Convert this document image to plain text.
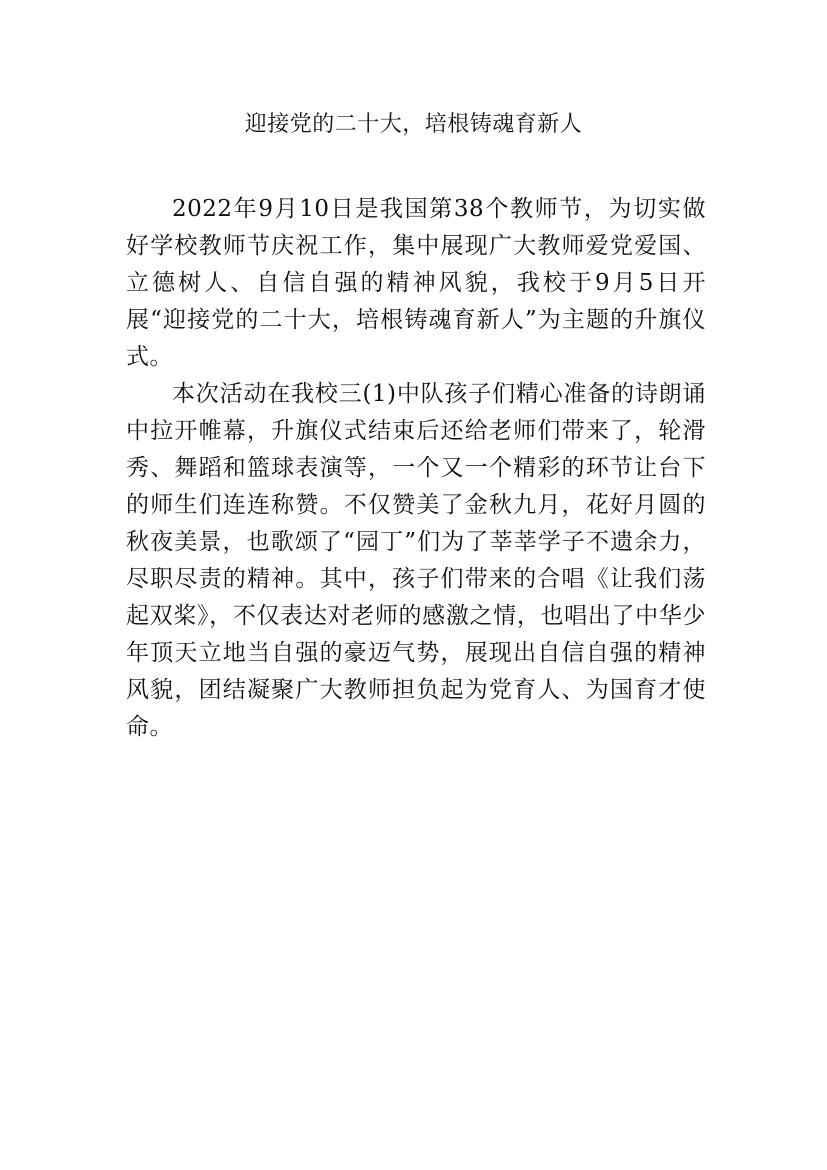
迎接党的二十大，培根铸魂育新人

2022年9月10日是我国第38个教师节，为切实做好学校教师节庆祝工作，集中展现广大教师爱党爱国、立德树人、自信自强的精神风貌，我校于9月5日开展“迎接党的二十大，培根铸魂育新人”为主题的升旗仪式。

本次活动在我校三(1)中队孩子们精心准备的诗朗诵中拉开帷幕，升旗仪式结束后还给老师们带来了，轮滑秀、舞蹈和篮球表演等，一个又一个精彩的环节让台下的师生们连连称赞。不仅赞美了金秋九月，花好月圆的秋夜美景，也歌颂了“园丁”们为了莘莘学子不遗余力，尽职尽责的精神。其中，孩子们带来的合唱《让我们荡起双桨》，不仅表达对老师的感激之情，也唱出了中华少年顶天立地当自强的豪迈气势，展现出自信自强的精神风貌，团结凝聚广大教师担负起为党育人、为国育才使命。
